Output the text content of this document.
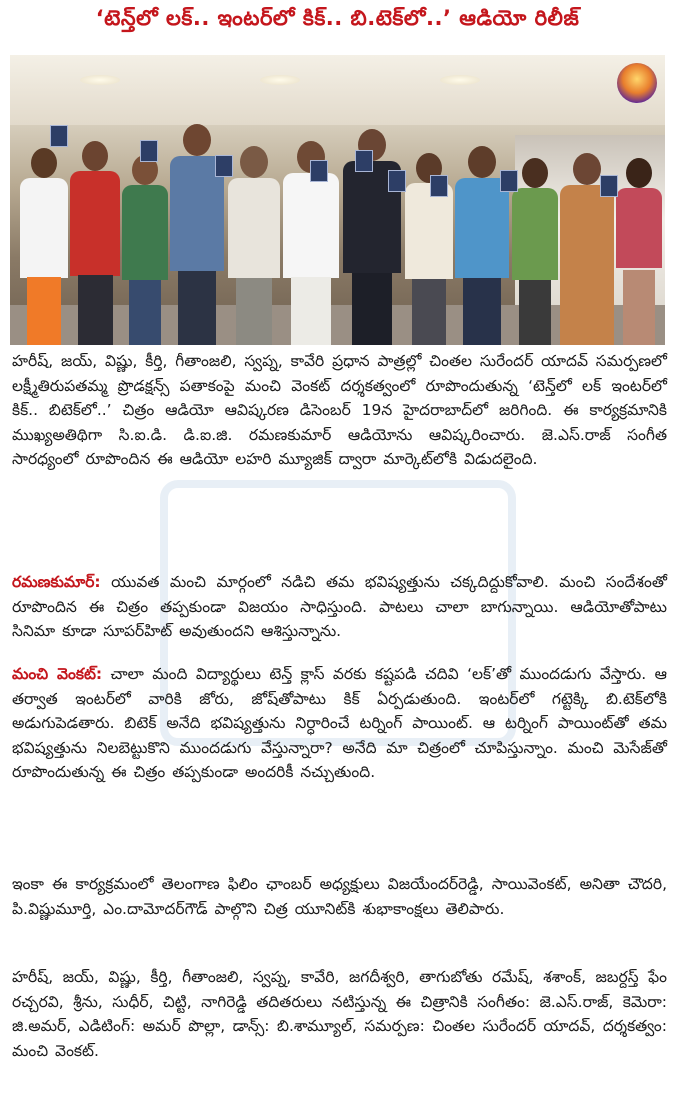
‘టెన్త్‌లో లక్.. ఇంటర్‌లో కిక్.. బి.టెక్‌లో..’ ఆడియో రిలీజ్
హరీష్, జయ్, విష్ణు, కీర్తి, గీతాంజలి, స్వప్న, కావేరి ప్రధాన పాత్రల్లో చింతల సురేందర్ యాదవ్ సమర్పణలో లక్ష్మీతిరుపతమ్మ ప్రొడక్షన్స్ పతాకంపై మంచి వెంకట్ దర్శకత్వంలో రూపొందుతున్న ‘టెన్త్‌లో లక్ ఇంటర్‌లో కిక్.. బిటెక్‌లో..’ చిత్రం ఆడియో ఆవిష్కరణ డిసెంబర్ 19న హైదరాబాద్‌లో జరిగింది. ఈ కార్యక్రమానికి ముఖ్యఅతిథిగా సి.ఐ.డి. డి.ఐ.జి. రమణకుమార్ ఆడియోను ఆవిష్కరించారు. జె.ఎస్.రాజ్ సంగీత సారధ్యంలో రూపొందిన ఈ ఆడియో లహరి మ్యూజిక్ ద్వారా మార్కెట్‌లోకి విడుదలైంది.
రమణకుమార్: యువత మంచి మార్గంలో నడిచి తమ భవిష్యత్తును చక్కదిద్దుకోవాలి. మంచి సందేశంతో రూపొందిన ఈ చిత్రం తప్పకుండా విజయం సాధిస్తుంది. పాటలు చాలా బాగున్నాయి. ఆడియోతోపాటు సినిమా కూడా సూపర్‌హిట్ అవుతుందని ఆశిస్తున్నాను.
మంచి వెంకట్: చాలా మంది విద్యార్థులు టెన్త్ క్లాస్ వరకు కష్టపడి చదివి ‘లక్’తో ముందడుగు వేస్తారు. ఆ తర్వాత ఇంటర్‌లో వారికి జోరు, జోష్‌తోపాటు కిక్ ఏర్పడుతుంది. ఇంటర్‌లో గట్టెక్కి బి.టెక్‌లోకి అడుగుపెడతారు. బిటెక్ అనేది భవిష్యత్తును నిర్ధారించే టర్నింగ్ పాయింట్. ఆ టర్నింగ్ పాయింట్‌తో తమ భవిష్యత్తును నిలబెట్టుకొని ముందడుగు వేస్తున్నారా? అనేది మా చిత్రంలో చూపిస్తున్నాం. మంచి మెసేజ్‌తో రూపొందుతున్న ఈ చిత్రం తప్పకుండా అందరికీ నచ్చుతుంది.
ఇంకా ఈ కార్యక్రమంలో తెలంగాణ ఫిలిం ఛాంబర్ అధ్యక్షులు విజయేందర్‌రెడ్డి, సాయివెంకట్, అనితా చౌదరి, పి.విష్ణుమూర్తి, ఎం.దామోదర్‌గౌడ్ పాల్గొని చిత్ర యూనిట్‌కి శుభాకాంక్షలు తెలిపారు.
హరీష్, జయ్, విష్ణు, కీర్తి, గీతాంజలి, స్వప్న, కావేరి, జగదీశ్వరి, తాగుబోతు రమేష్, శశాంక్, జబర్దస్త్ ఫేం రచ్చరవి, శ్రీను, సుధీర్, చిట్టి, నాగిరెడ్డి తదితరులు నటిస్తున్న ఈ చిత్రానికి సంగీతం: జె.ఎస్.రాజ్, కెమెరా: జి.అమర్, ఎడిటింగ్: అమర్ పొల్లా, డాన్స్: బి.శామ్యూల్, సమర్పణ: చింతల సురేందర్ యాదవ్, దర్శకత్వం: మంచి వెంకట్.
